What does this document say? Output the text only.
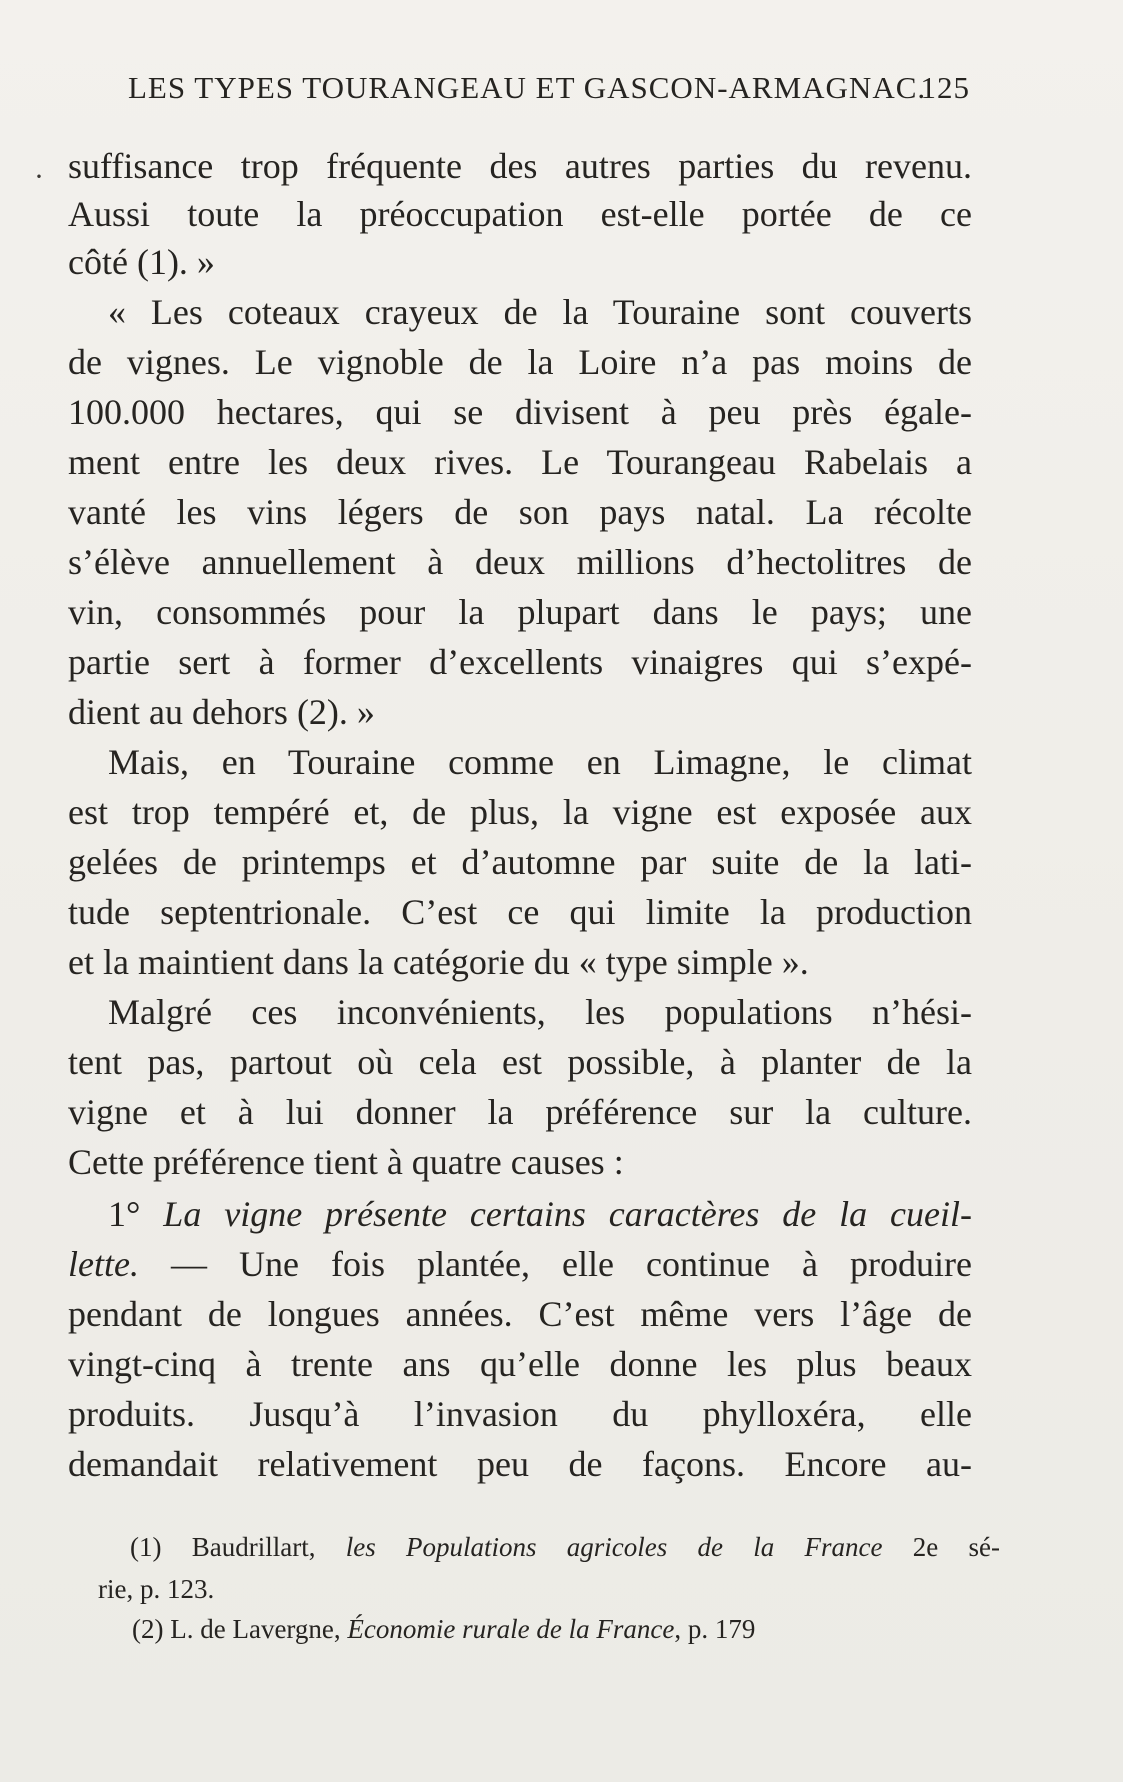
·
LES TYPES TOURANGEAU ET GASCON-ARMAGNAC.
125
suffisance trop fréquente des autres parties du revenu.
Aussi toute la préoccupation est-elle portée de ce
côté (1). »
« Les coteaux crayeux de la Touraine sont couverts
de vignes. Le vignoble de la Loire n’a pas moins de
100.000 hectares, qui se divisent à peu près égale-
ment entre les deux rives. Le Tourangeau Rabelais a
vanté les vins légers de son pays natal. La récolte
s’élève annuellement à deux millions d’hectolitres de
vin, consommés pour la plupart dans le pays; une
partie sert à former d’excellents vinaigres qui s’expé-
dient au dehors (2). »
Mais, en Touraine comme en Limagne, le climat
est trop tempéré et, de plus, la vigne est exposée aux
gelées de printemps et d’automne par suite de la lati-
tude septentrionale. C’est ce qui limite la production
et la maintient dans la catégorie du « type simple ».
Malgré ces inconvénients, les populations n’hési-
tent pas, partout où cela est possible, à planter de la
vigne et à lui donner la préférence sur la culture.
Cette préférence tient à quatre causes :
1° La vigne présente certains caractères de la cueil-
lette. — Une fois plantée, elle continue à produire
pendant de longues années. C’est même vers l’âge de
vingt-cinq à trente ans qu’elle donne les plus beaux
produits. Jusqu’à l’invasion du phylloxéra, elle
demandait relativement peu de façons. Encore au-
(1) Baudrillart, les Populations agricoles de la France 2e sé-
rie, p. 123.
(2) L. de Lavergne, Économie rurale de la France, p. 179
